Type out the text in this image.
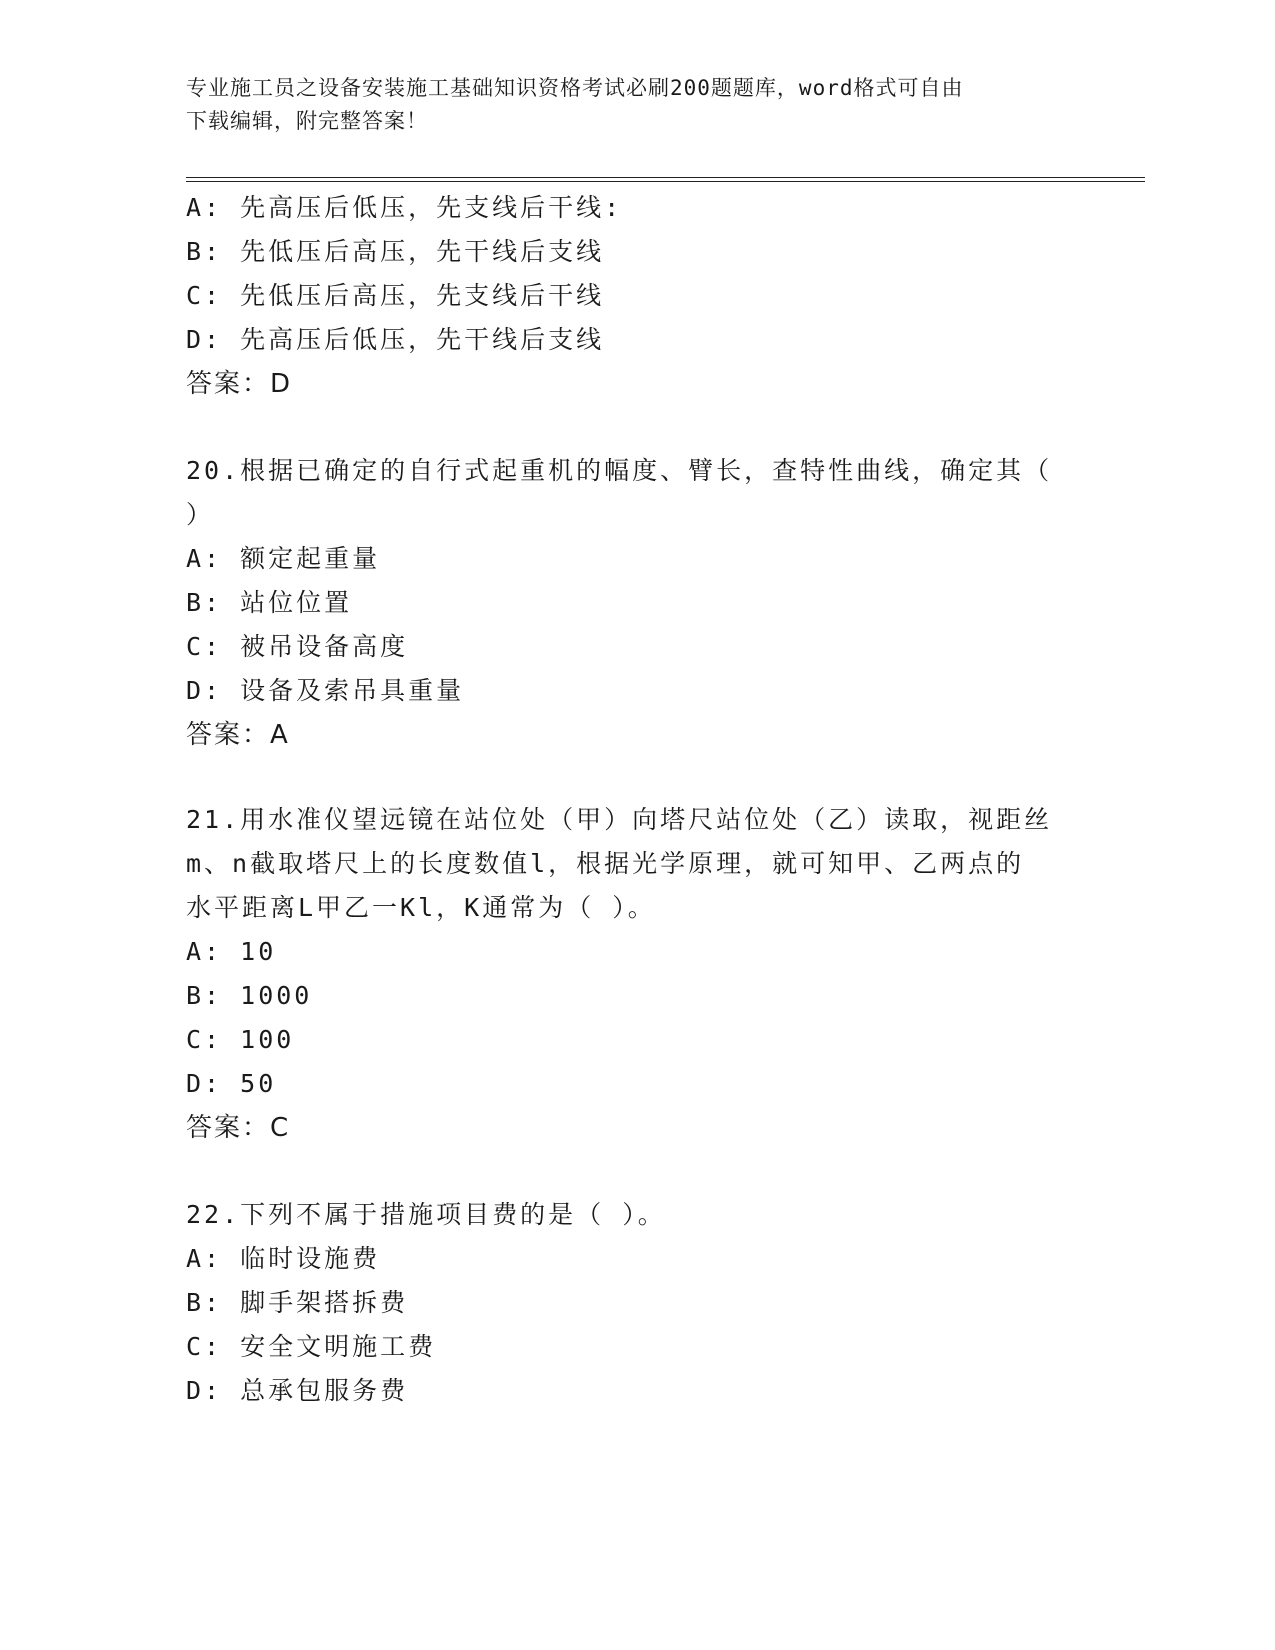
专业施工员之设备安装施工基础知识资格考试必刷200题题库，word格式可自由
下载编辑，附完整答案！
A: 先高压后低压，先支线后干线:
B: 先低压后高压，先干线后支线
C: 先低压后高压，先支线后干线
D: 先高压后低压，先干线后支线
答案：D
20.根据已确定的自行式起重机的幅度、臂长，查特性曲线，确定其（
）
A: 额定起重量
B: 站位位置
C: 被吊设备高度
D: 设备及索吊具重量
答案：A
21.用水准仪望远镜在站位处（甲）向塔尺站位处（乙）读取，视距丝
m、n截取塔尺上的长度数值l，根据光学原理，就可知甲、乙两点的
水平距离L甲乙一Kl，K通常为（ ）。
A: 10
B: 1000
C: 100
D: 50
答案：C
22.下列不属于措施项目费的是（ ）。
A: 临时设施费
B: 脚手架搭拆费
C: 安全文明施工费
D: 总承包服务费
